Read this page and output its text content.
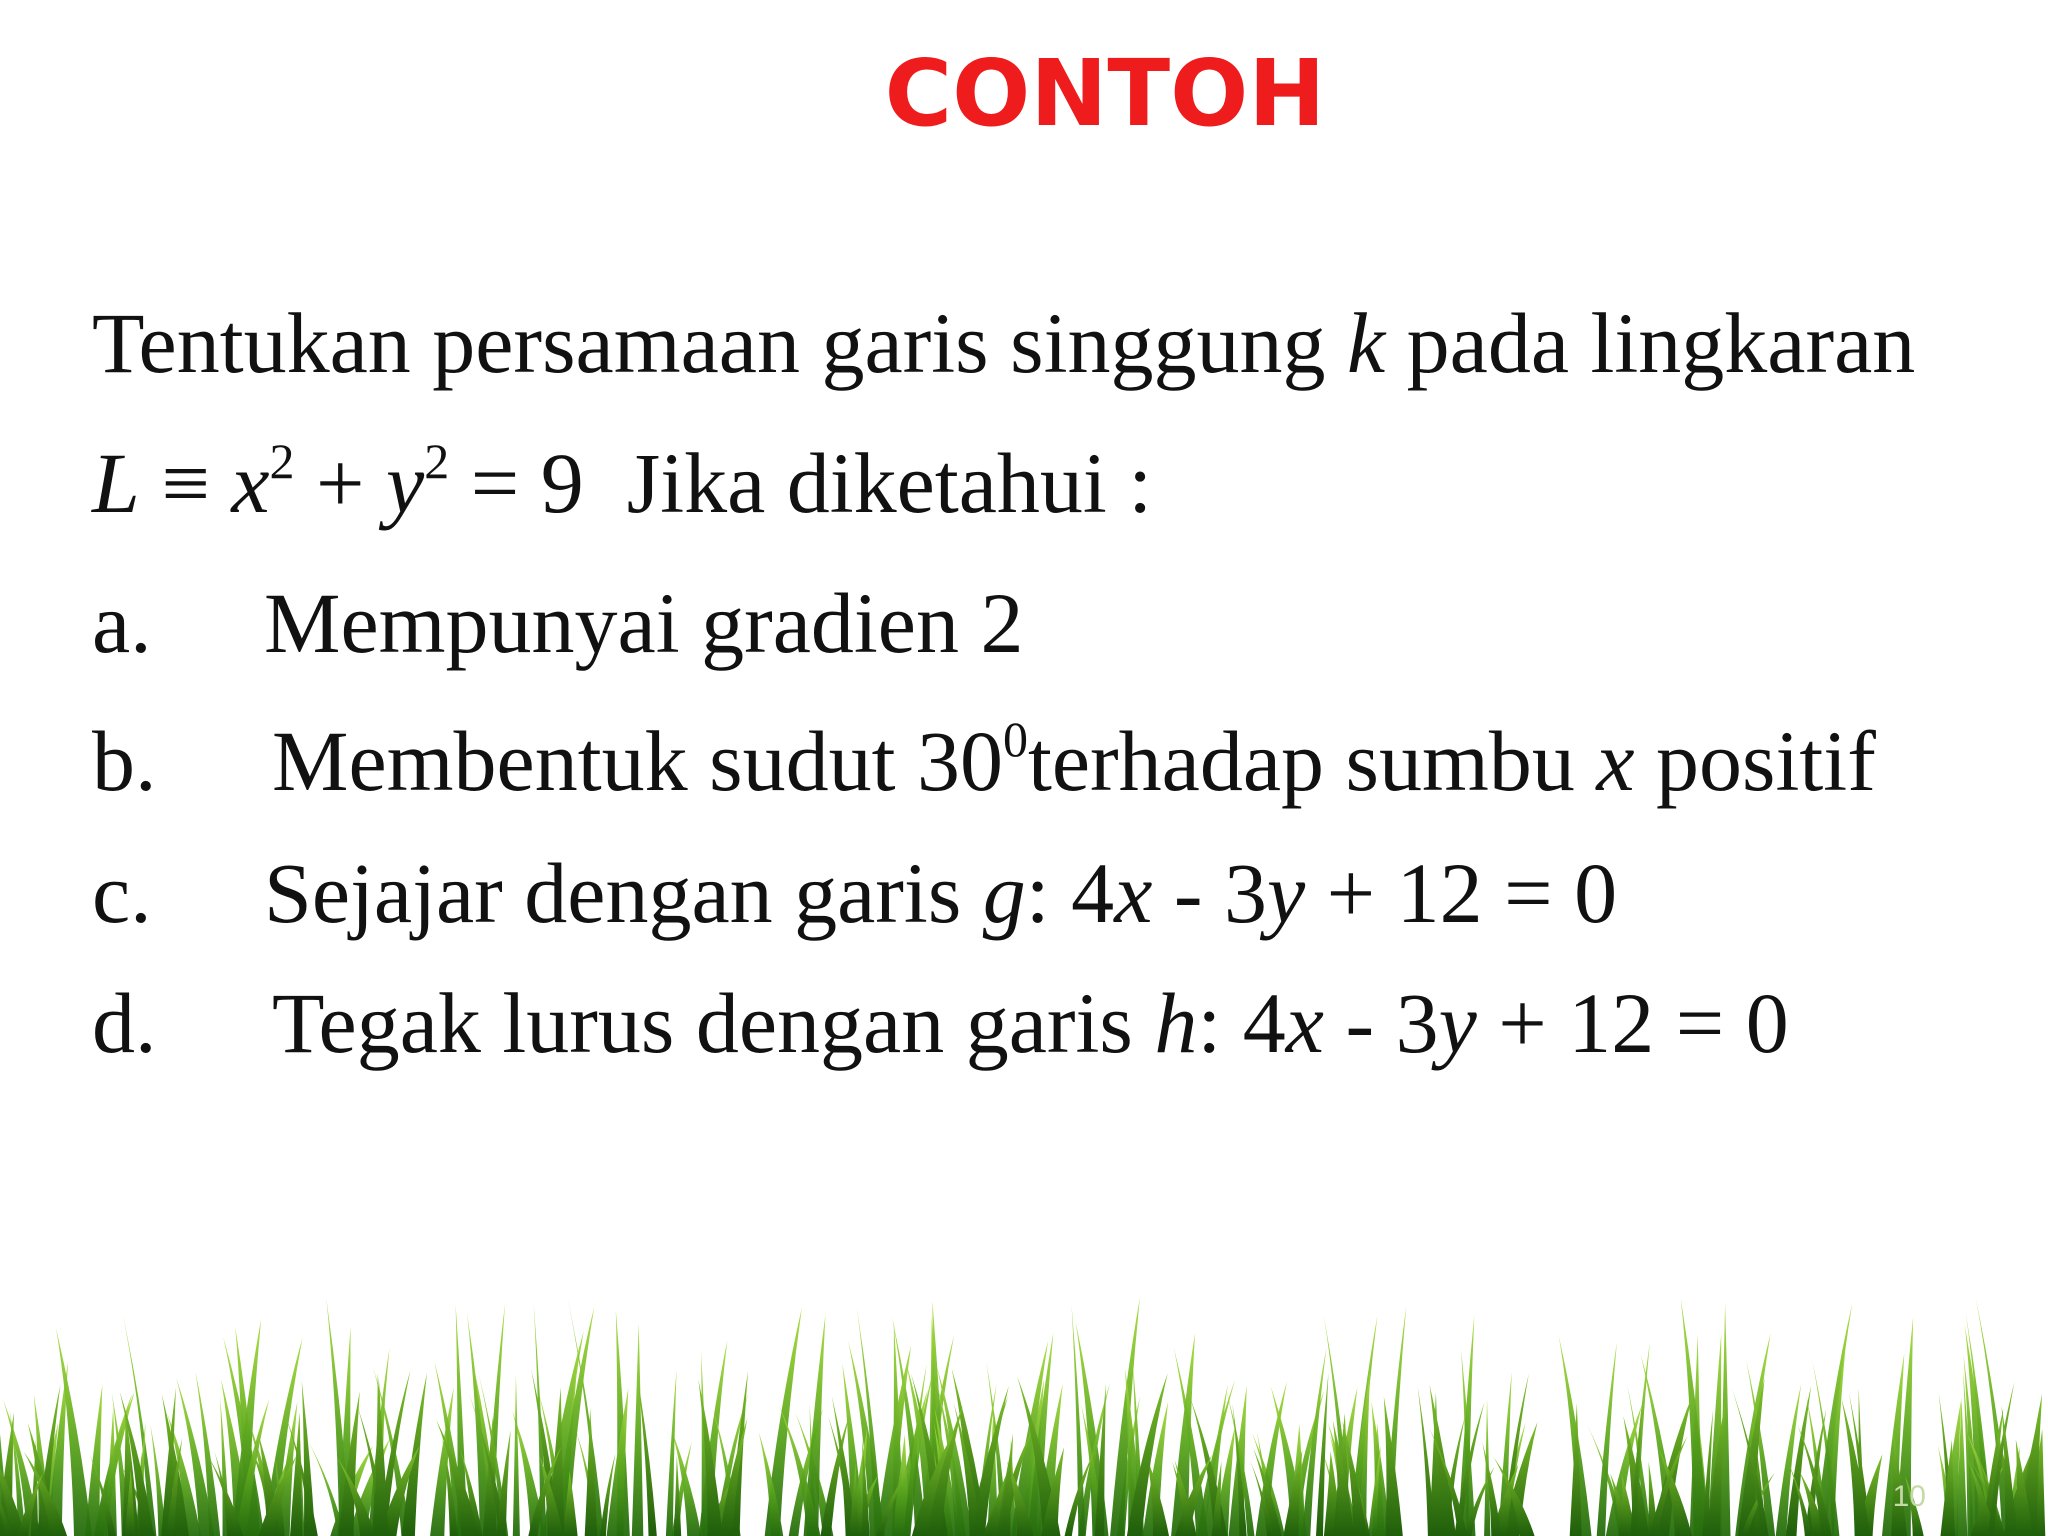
CONTOH
Tentukan persamaan garis singgung k pada lingkaran
$L \equiv x^2 + y^2 = 9$  Jika diketahui :
a. Mempunyai gradien 2
b. Membentuk sudut $30^0terhadap$ sumbu x positif
c. Sejajar dengan garis g: 4x - 3y + 12 = 0
d. Tegak lurus dengan garis h: 4x - 3y + 12 = 0
10
